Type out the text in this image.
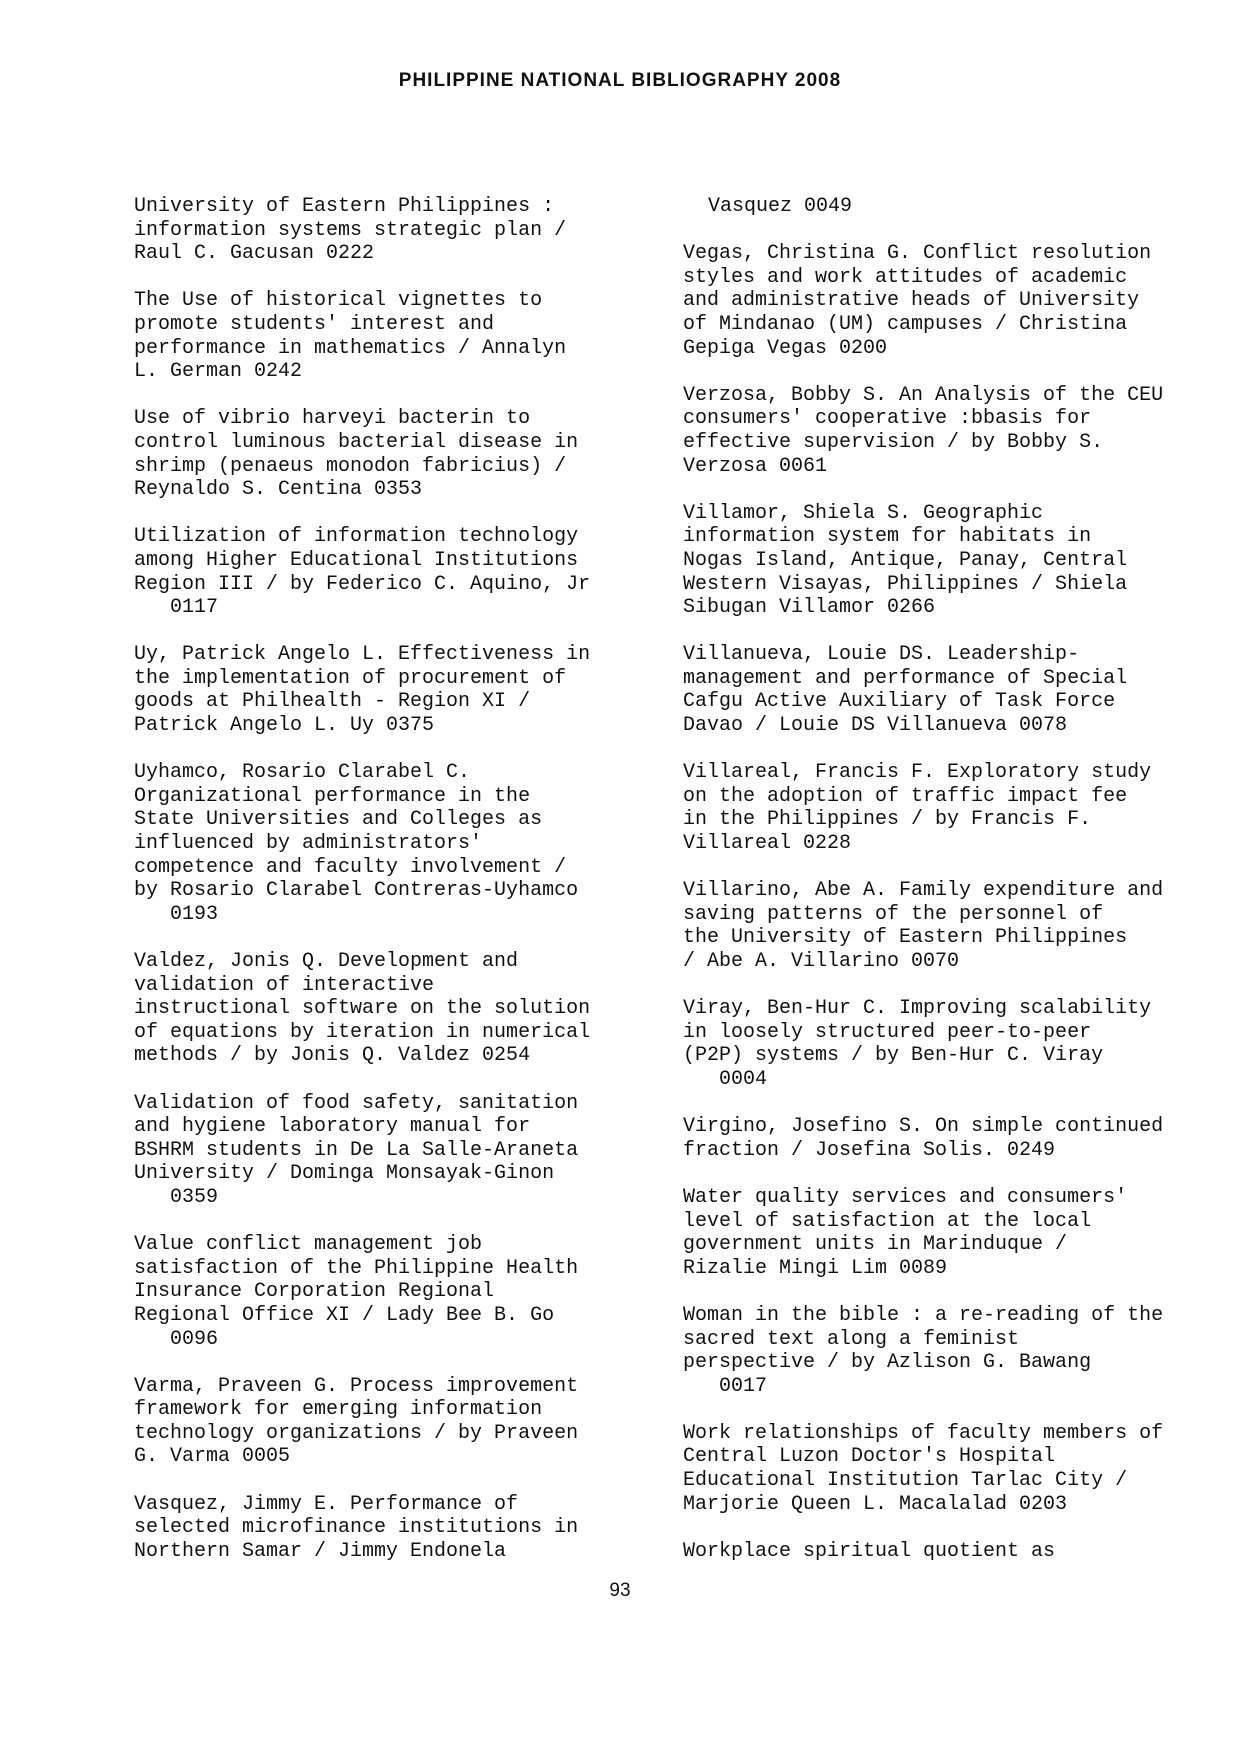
PHILIPPINE NATIONAL BIBLIOGRAPHY 2008
University of Eastern Philippines :
information systems strategic plan /
Raul C. Gacusan 0222
The Use of historical vignettes to
promote students' interest and
performance in mathematics / Annalyn
L. German 0242
Use of vibrio harveyi bacterin to
control luminous bacterial disease in
shrimp (penaeus monodon fabricius) /
Reynaldo S. Centina 0353
Utilization of information technology
among Higher Educational Institutions
Region III / by Federico C. Aquino, Jr
0117
Uy, Patrick Angelo L. Effectiveness in
the implementation of procurement of
goods at Philhealth - Region XI /
Patrick Angelo L. Uy 0375
Uyhamco, Rosario Clarabel C.
Organizational performance in the
State Universities and Colleges as
influenced by administrators'
competence and faculty involvement /
by Rosario Clarabel Contreras-Uyhamco
0193
Valdez, Jonis Q. Development and
validation of interactive
instructional software on the solution
of equations by iteration in numerical
methods / by Jonis Q. Valdez 0254
Validation of food safety, sanitation
and hygiene laboratory manual for
BSHRM students in De La Salle-Araneta
University / Dominga Monsayak-Ginon
0359
Value conflict management job
satisfaction of the Philippine Health
Insurance Corporation Regional
Regional Office XI / Lady Bee B. Go
0096
Varma, Praveen G. Process improvement
framework for emerging information
technology organizations / by Praveen
G. Varma 0005
Vasquez, Jimmy E. Performance of
selected microfinance institutions in
Northern Samar / Jimmy Endonela
Vasquez 0049
Vegas, Christina G. Conflict resolution
styles and work attitudes of academic
and administrative heads of University
of Mindanao (UM) campuses / Christina
Gepiga Vegas 0200
Verzosa, Bobby S. An Analysis of the CEU
consumers' cooperative :bbasis for
effective supervision / by Bobby S.
Verzosa 0061
Villamor, Shiela S. Geographic
information system for habitats in
Nogas Island, Antique, Panay, Central
Western Visayas, Philippines / Shiela
Sibugan Villamor 0266
Villanueva, Louie DS. Leadership-
management and performance of Special
Cafgu Active Auxiliary of Task Force
Davao / Louie DS Villanueva 0078
Villareal, Francis F. Exploratory study
on the adoption of traffic impact fee
in the Philippines / by Francis F.
Villareal 0228
Villarino, Abe A. Family expenditure and
saving patterns of the personnel of
the University of Eastern Philippines
/ Abe A. Villarino 0070
Viray, Ben-Hur C. Improving scalability
in loosely structured peer-to-peer
(P2P) systems / by Ben-Hur C. Viray
0004
Virgino, Josefino S. On simple continued
fraction / Josefina Solis. 0249
Water quality services and consumers'
level of satisfaction at the local
government units in Marinduque /
Rizalie Mingi Lim 0089
Woman in the bible : a re-reading of the
sacred text along a feminist
perspective / by Azlison G. Bawang
0017
Work relationships of faculty members of
Central Luzon Doctor's Hospital
Educational Institution Tarlac City /
Marjorie Queen L. Macalalad 0203
Workplace spiritual quotient as
93
